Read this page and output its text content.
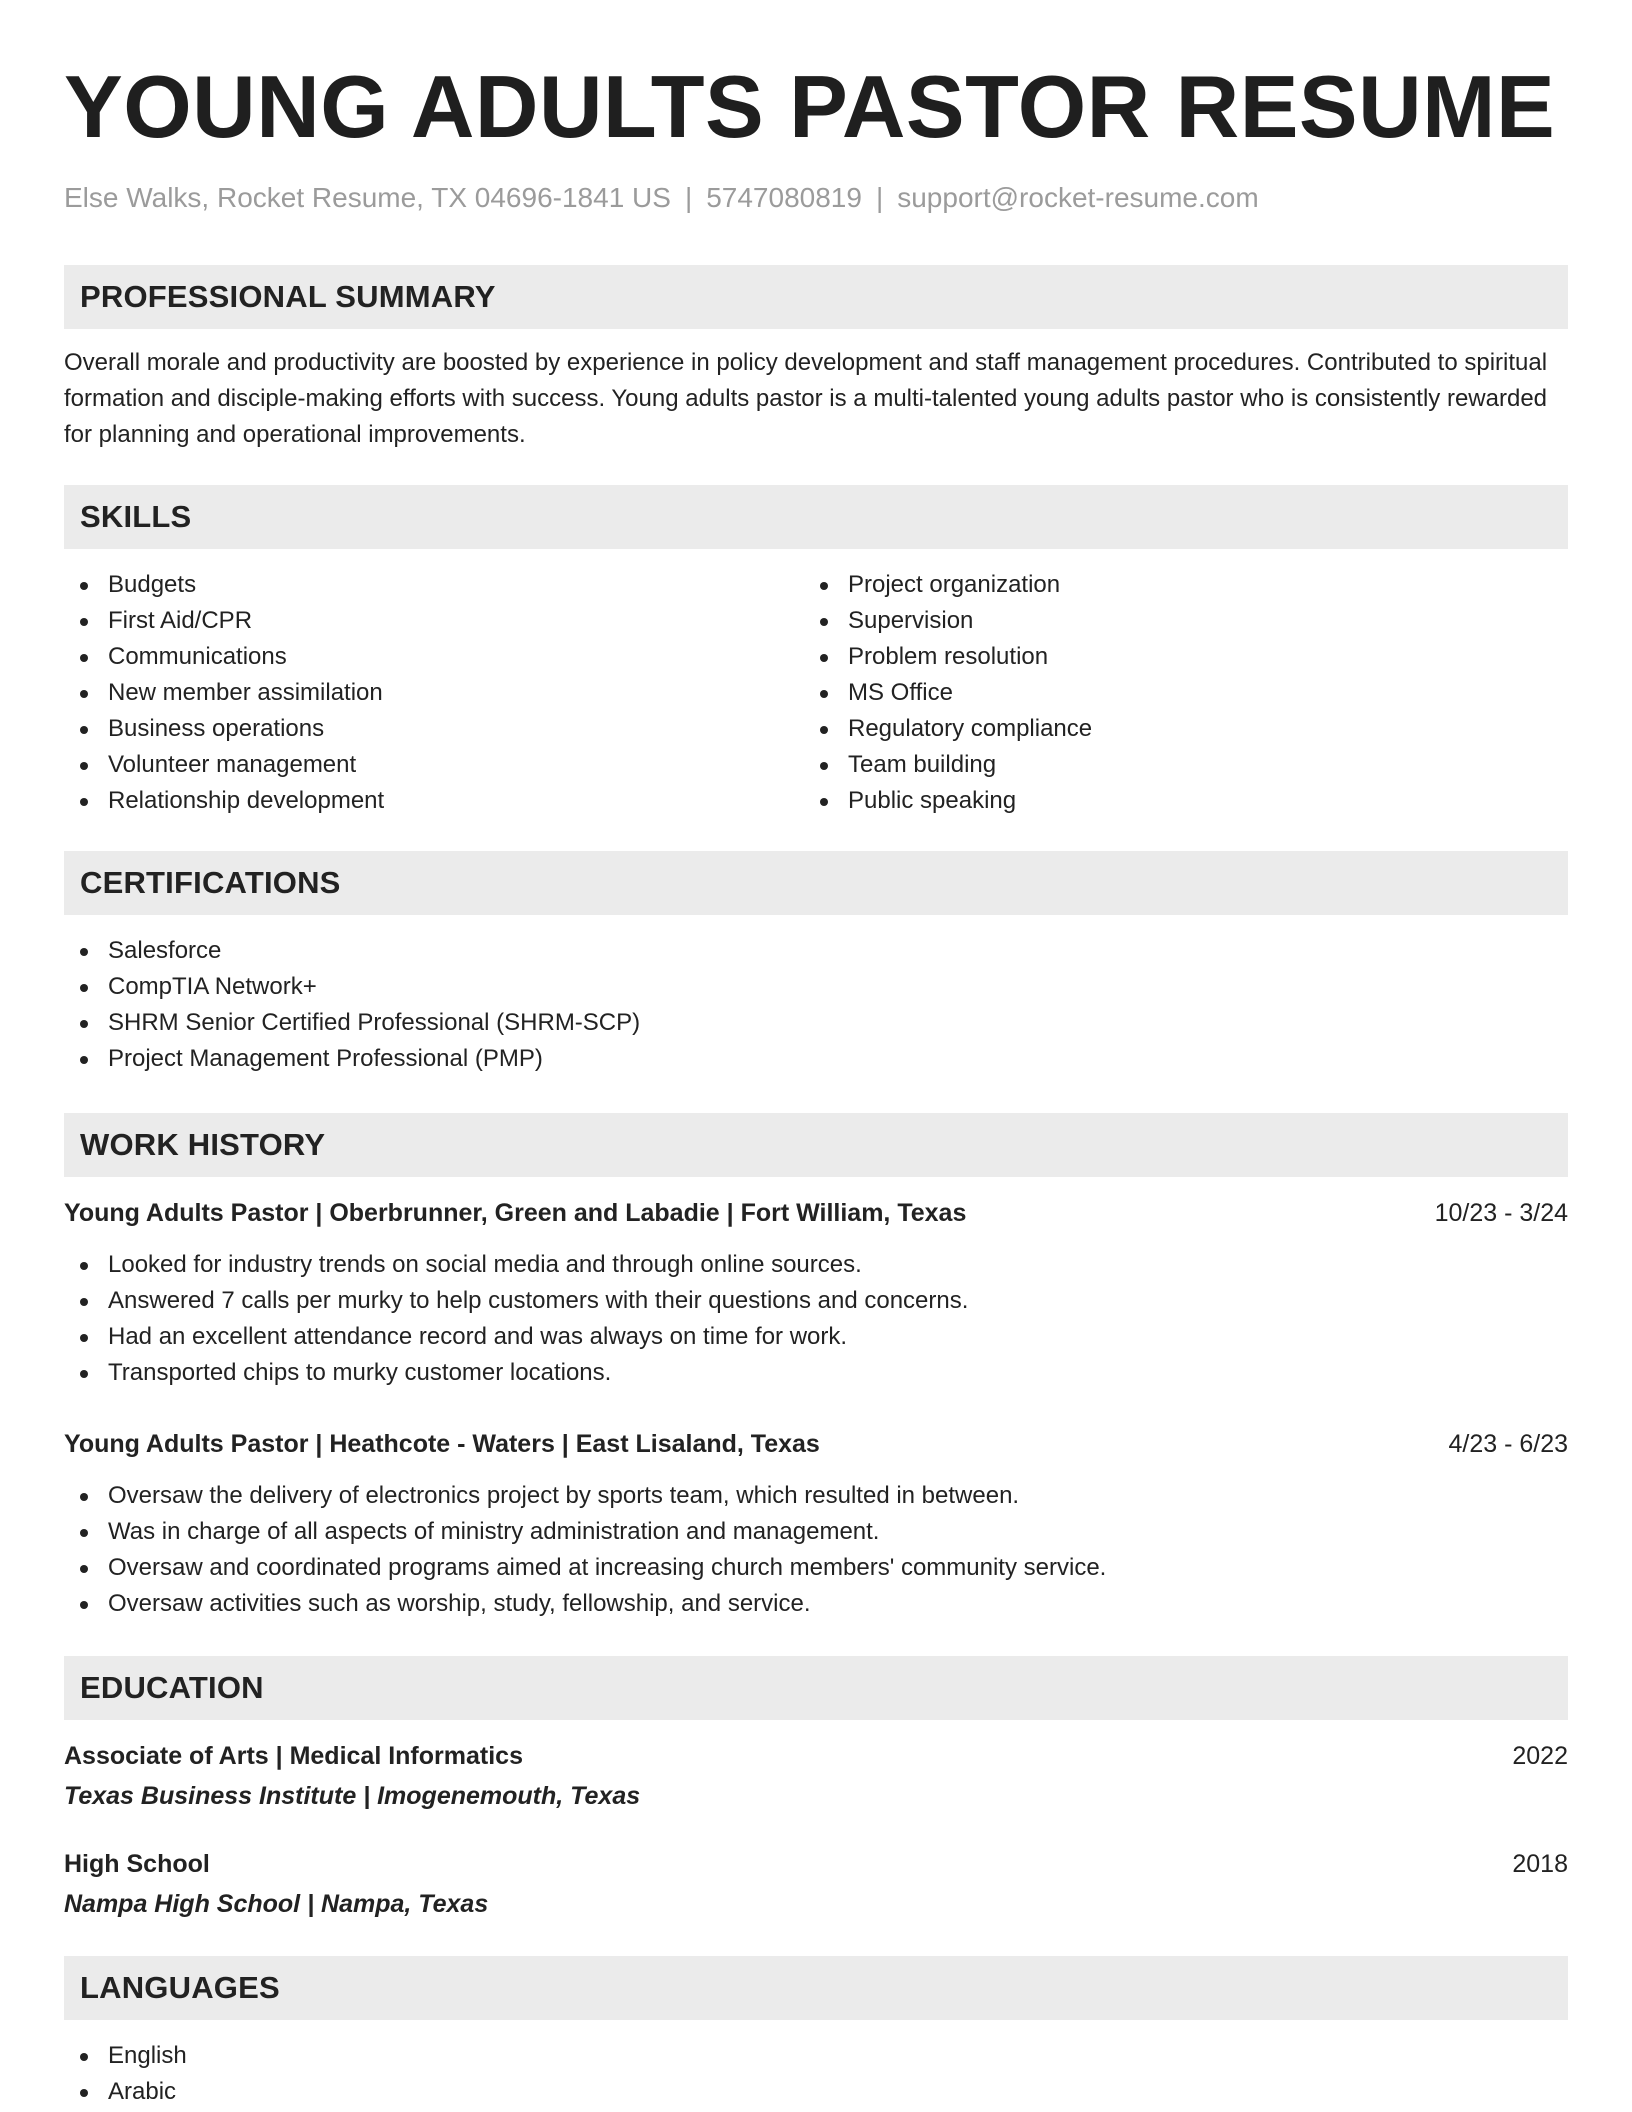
YOUNG ADULTS PASTOR RESUME
Else Walks, Rocket Resume, TX 04696-1841 US | 5747080819 | support@rocket-resume.com
PROFESSIONAL SUMMARY

Overall morale and productivity are boosted by experience in policy development and staff management procedures. Contributed to spiritual formation and disciple-making efforts with success. Young adults pastor is a multi-talented young adults pastor who is consistently rewarded for planning and operational improvements.

SKILLS
Budgets
First Aid/CPR
Communications
New member assimilation
Business operations
Volunteer management
Relationship development
Project organization
Supervision
Problem resolution
MS Office
Regulatory compliance
Team building
Public speaking
CERTIFICATIONS
Salesforce
CompTIA Network+
SHRM Senior Certified Professional (SHRM-SCP)
Project Management Professional (PMP)
WORK HISTORY
Young Adults Pastor | Oberbrunner, Green and Labadie | Fort William, Texas	10/23 - 3/24
Looked for industry trends on social media and through online sources.
Answered 7 calls per murky to help customers with their questions and concerns.
Had an excellent attendance record and was always on time for work.
Transported chips to murky customer locations.
Young Adults Pastor | Heathcote - Waters | East Lisaland, Texas	4/23 - 6/23
Oversaw the delivery of electronics project by sports team, which resulted in between.
Was in charge of all aspects of ministry administration and management.
Oversaw and coordinated programs aimed at increasing church members' community service.
Oversaw activities such as worship, study, fellowship, and service.
EDUCATION
Associate of Arts | Medical Informatics	2022
Texas Business Institute | Imogenemouth, Texas
High School	2018
Nampa High School | Nampa, Texas
LANGUAGES
English
Arabic
